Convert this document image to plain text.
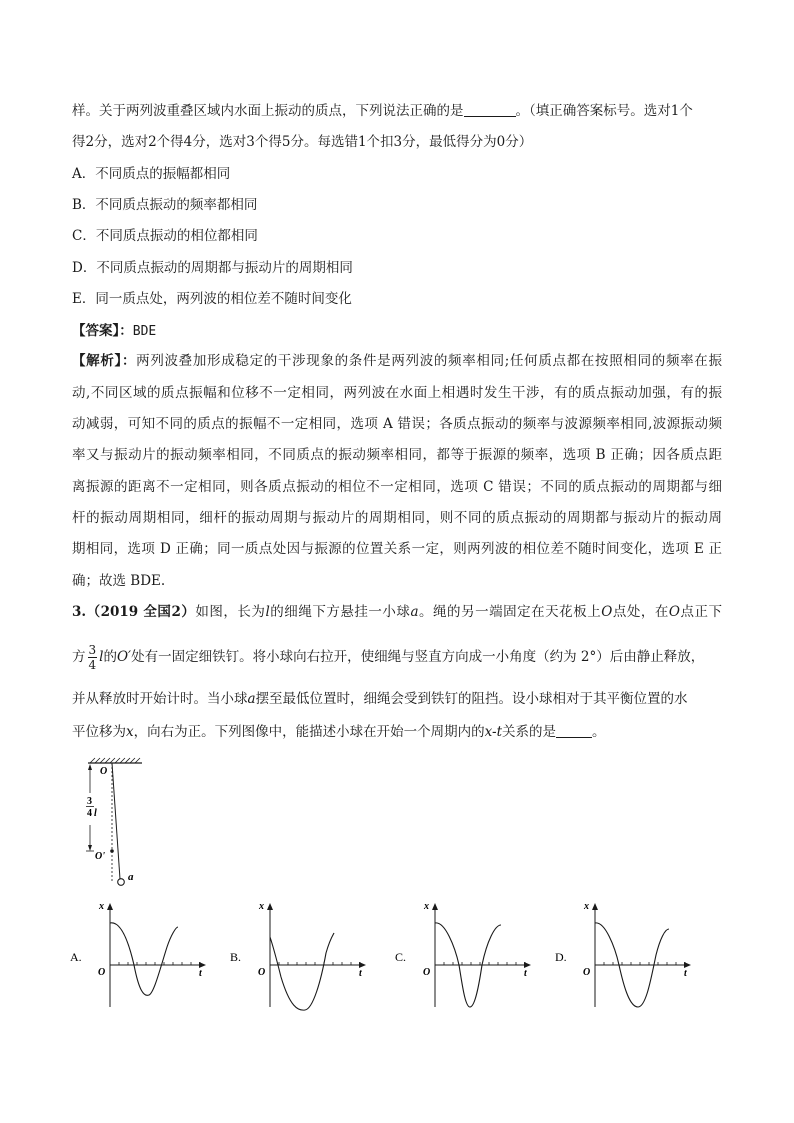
样。关于两列波重叠区域内水面上振动的质点，下列说法正确的是	。（填正确答案标号。选对1个
得2分，选对2个得4分，选对3个得5分。每选错1个扣3分，最低得分为0分）
A．不同质点的振幅都相同
B．不同质点振动的频率都相同
C．不同质点振动的相位都相同
D．不同质点振动的周期都与振动片的周期相同
E．同一质点处，两列波的相位差不随时间变化
【答案】：BDE
【解析】：两列波叠加形成稳定的干涉现象的条件是两列波的频率相同;任何质点都在按照相同的频率在振
动,不同区域的质点振幅和位移不一定相同，两列波在水面上相遇时发生干涉，有的质点振动加强，有的振
动减弱，可知不同的质点的振幅不一定相同，选项 A 错误；各质点振动的频率与波源频率相同,波源振动频
率又与振动片的振动频率相同，不同质点的振动频率相同，都等于振源的频率，选项 B 正确；因各质点距
离振源的距离不一定相同，则各质点振动的相位不一定相同，选项 C 错误；不同的质点振动的周期都与细
杆的振动周期相同，细杆的振动周期与振动片的周期相同，则不同的质点振动的周期都与振动片的振动周
期相同，选项 D 正确；同一质点处因与振源的位置关系一定，则两列波的相位差不随时间变化，选项 E 正
确；故选 BDE.
3.（2019 全国2）如图，长为l的细绳下方悬挂一小球a。绳的另一端固定在天花板上O点处，在O点正下
方 $\frac{3}{4}$ l的O′处有一固定细铁钉。将小球向右拉开，使细绳与竖直方向成一小角度（约为 2°）后由静止释放，
并从释放时开始计时。当小球a摆至最低位置时，细绳会受到铁钉的阻挡。设小球相对于其平衡位置的水
平位移为x，向右为正。下列图像中，能描述小球在开始一个周期内的x-t关系的是	。
O
3
4 l
O'
a
A.
x
O	t
B.
x
O	t
C.
x
O	t
D.
x
O	t
